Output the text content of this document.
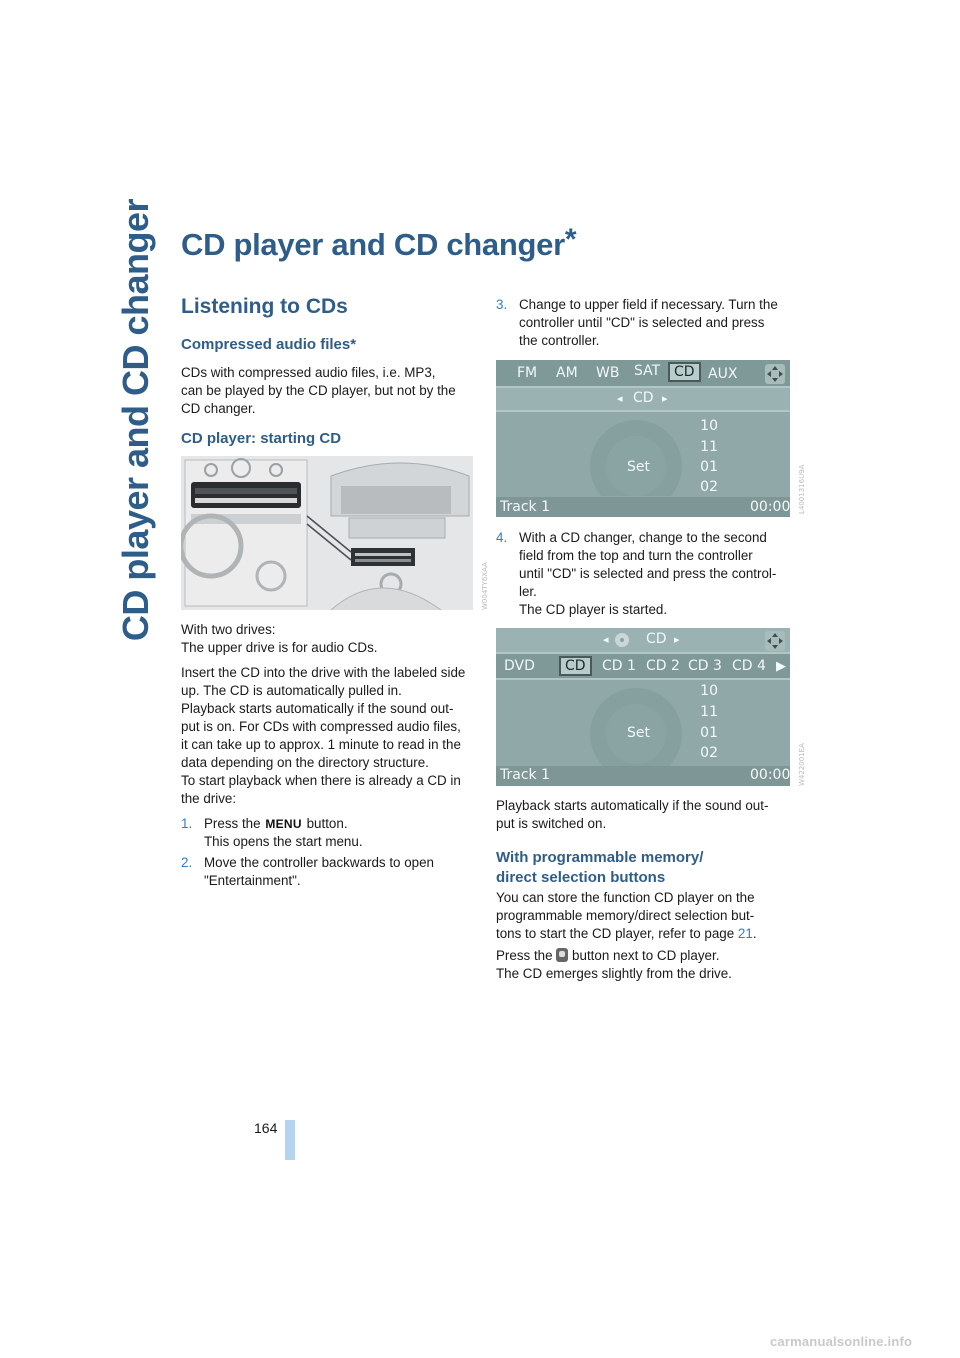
CD player and CD changer CD player and CD changer*
Listening to CDs
Compressed audio files*
CDs with compressed audio files, i.e. MP3,
can be played by the CD player, but not by the
CD changer.
CD player: starting CD
W004TY6XAA
With two drives:
The upper drive is for audio CDs.
Insert the CD into the drive with the labeled side
up. The CD is automatically pulled in.
Playback starts automatically if the sound out-
put is on. For CDs with compressed audio files,
it can take up to approx. 1 minute to read in the
data depending on the directory structure.
To start playback when there is already a CD in
the drive:
1. Press the MENU button.
This opens the start menu.
2. Move the controller backwards to open
"Entertainment".
3. Change to upper field if necessary. Turn the
controller until "CD" is selected and press
the controller.
FM AM WB SAT CD AUX
◂ CD ▸
10
11
01
02
Set
Track 1	00:00 L4001316U9A
4. With a CD changer, change to the second
field from the top and turn the controller
until "CD" is selected and press the control-
ler.
The CD player is started.
◂	CD ▸
DVD	CD	CD 1 CD 2 CD 3 CD 4 ▶
10
11
01
02
Set
Track 1	00:00 W422001EA
Playback starts automatically if the sound out-
put is switched on.
With programmable memory/
direct selection buttons
You can store the function CD player on the
programmable memory/direct selection but-
tons to start the CD player, refer to page 21.
Press the button next to CD player.
The CD emerges slightly from the drive.
164
carmanualsonline.info
